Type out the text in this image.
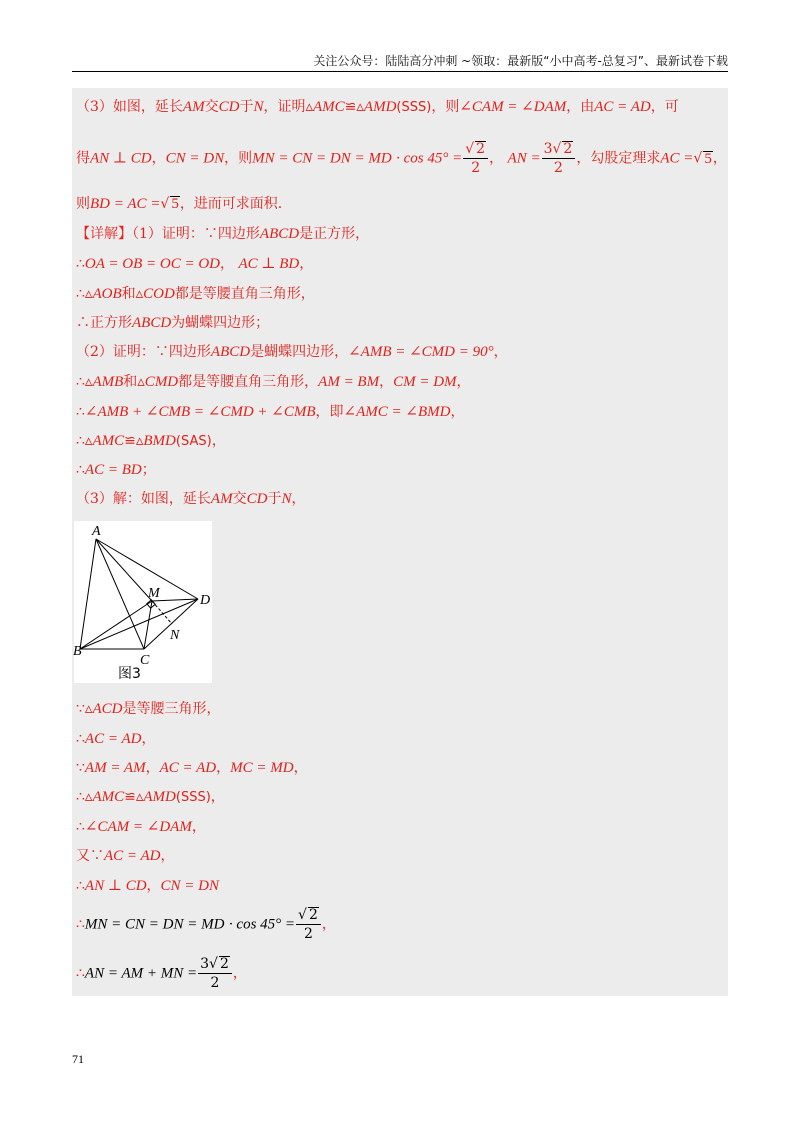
关注公众号：陆陆高分冲刺 ~领取：最新版“小中高考-总复习”、最新试卷下载
（3）如图，延长AM交CD于N，证明▵AMC≌▵AMD(SSS)，则∠CAM = ∠DAM，由AC = AD，可
得AN ⊥ CD，CN = DN，则MN = CN = DN = MD · $\cos 45^\circ = \frac{√ 2}{2}$ ， AN = $\frac{3√ 2}{2}$ ，勾股定理求AC =√ 5，
则BD = AC =√ 5，进而可求面积.
【详解】（1）证明：∵四边形ABCD是正方形，
∴OA = OB = OC = OD， AC ⊥ BD，
∴▵AOB和▵COD都是等腰直角三角形，
∴正方形ABCD为蝴蝶四边形；
（2）证明：∵四边形ABCD是蝴蝶四边形，∠AMB = ∠CMD = 90°，
∴▵AMB和▵CMD都是等腰直角三角形，AM = BM，CM = DM，
∴∠AMB + ∠CMB = ∠CMD + ∠CMB，即∠AMC = ∠BMD，
∴▵AMC≌▵BMD(SAS)，
∴AC = BD；
（3）解：如图，延长AM交CD于N，
A
B
C
D
M
N
图3
∵▵ACD是等腰三角形，
∴AC = AD，
∵AM = AM，AC = AD，MC = MD，
∴▵AMC≌▵AMD(SSS)，
∴∠CAM = ∠DAM，
又∵AC = AD，
∴AN ⊥ CD，CN = DN
∴MN = CN = DN = MD · $\cos 45^\circ = \frac{√ 2}{2}$ ，
∴AN = AM + MN = $\frac{3√ 2}{2}$ ，
71
